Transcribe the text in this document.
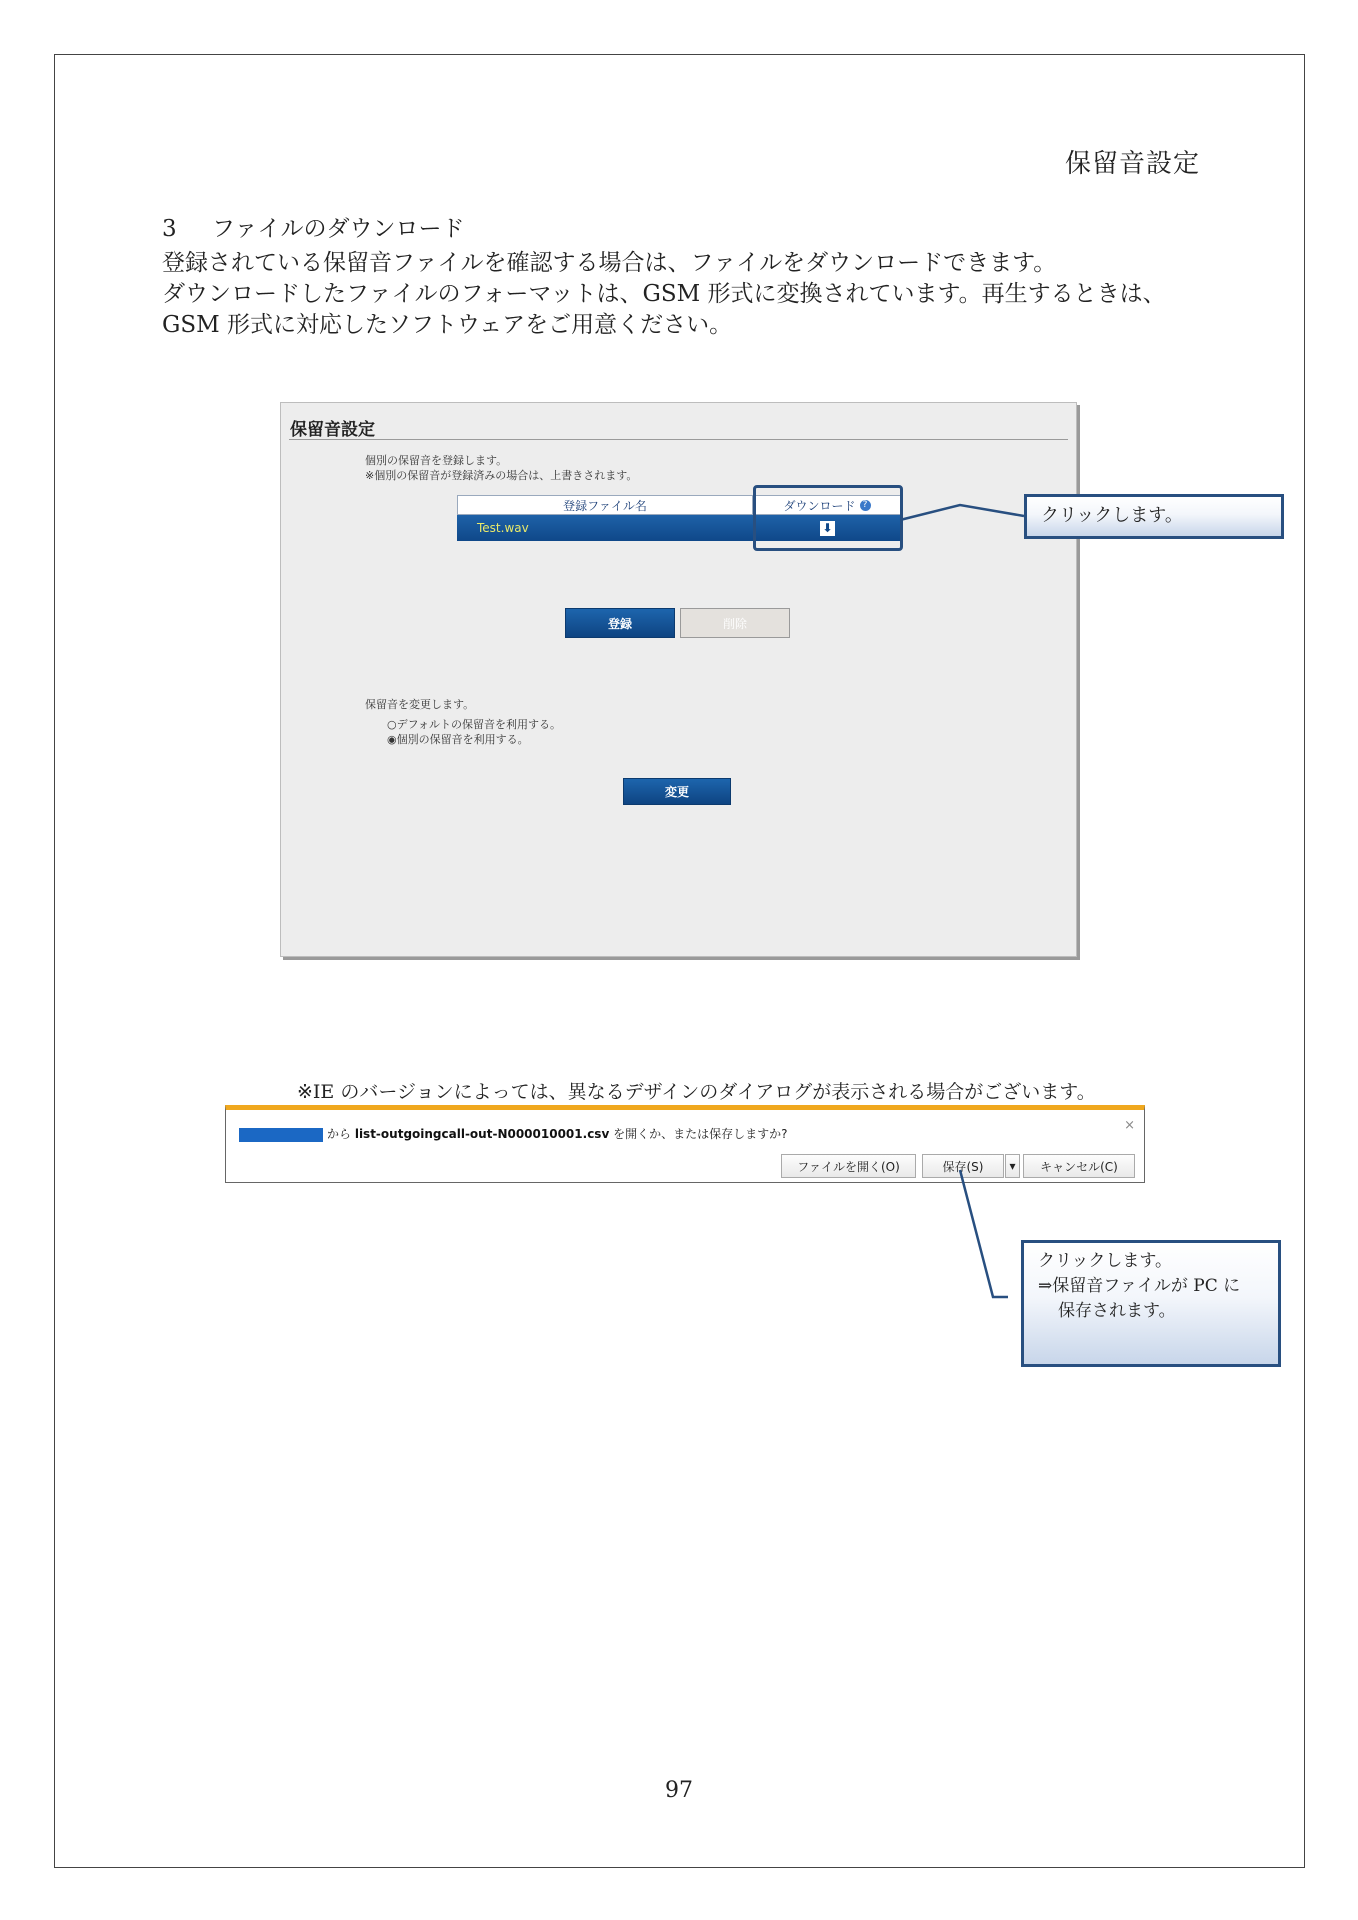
保留音設定
3 ファイルのダウンロード
登録されている保留音ファイルを確認する場合は、ファイルをダウンロードできます。
ダウンロードしたファイルのフォーマットは、GSM 形式に変換されています。再生するときは、
GSM 形式に対応したソフトウェアをご用意ください。
保留音設定
個別の保留音を登録します。
※個別の保留音が登録済みの場合は、上書きされます。
登録ファイル名	ダウンロード ?
Test.wav	⬇
登録	削除
保留音を変更します。
○デフォルトの保留音を利用する。
◉個別の保留音を利用する。
変更
クリックします。
※IE のバージョンによっては、異なるデザインのダイアログが表示される場合がございます。
から list-outgoingcall-out-N000010001.csv を開くか、または保存しますか?
×
ファイルを開く(O)	保存(S)	▾	キャンセル(C)
クリックします。
⇒保留音ファイルが PC に
保存されます。
97
